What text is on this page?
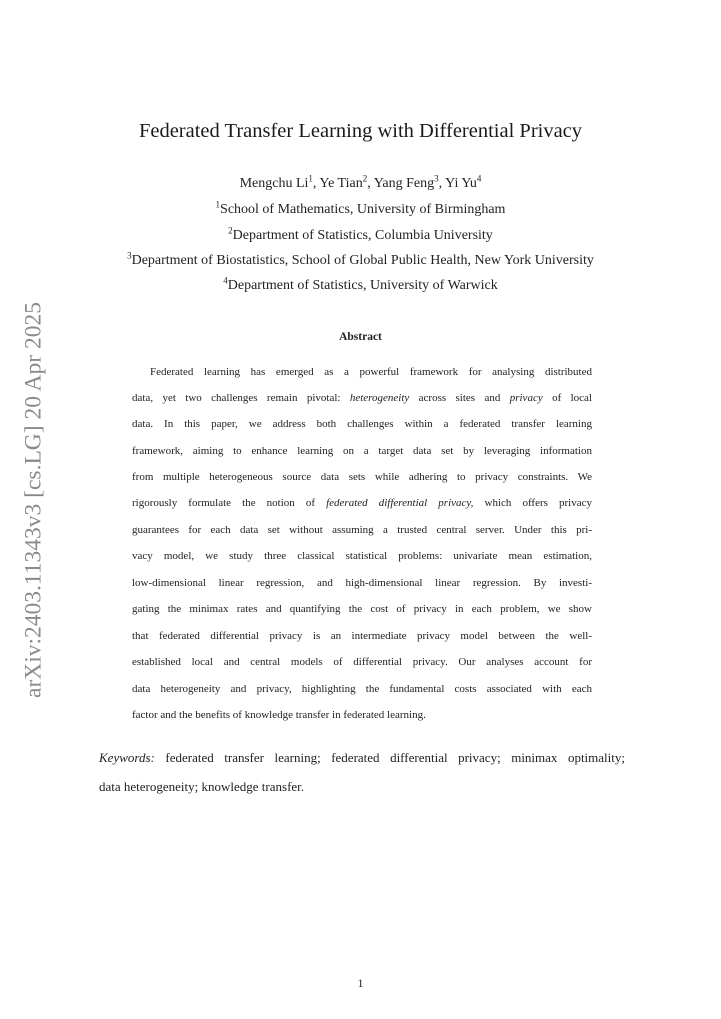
arXiv:2403.11343v3 [cs.LG] 20 Apr 2025
Federated Transfer Learning with Differential Privacy
Mengchu Li$^1$, Ye Tian$^2$, Yang Feng$^3$, Yi Yu$^4$
$^1$School of Mathematics, University of Birmingham
$^2$Department of Statistics, Columbia University
$^3$Department of Biostatistics, School of Global Public Health, New York University
$^4$Department of Statistics, University of Warwick
Abstract
Federated learning has emerged as a powerful framework for analysing distributed
data, yet two challenges remain pivotal: heterogeneity across sites and privacy of local
data. In this paper, we address both challenges within a federated transfer learning
framework, aiming to enhance learning on a target data set by leveraging information
from multiple heterogeneous source data sets while adhering to privacy constraints. We
rigorously formulate the notion of federated differential privacy, which offers privacy
guarantees for each data set without assuming a trusted central server. Under this pri-
vacy model, we study three classical statistical problems: univariate mean estimation,
low-dimensional linear regression, and high-dimensional linear regression. By investi-
gating the minimax rates and quantifying the cost of privacy in each problem, we show
that federated differential privacy is an intermediate privacy model between the well-
established local and central models of differential privacy. Our analyses account for
data heterogeneity and privacy, highlighting the fundamental costs associated with each
factor and the benefits of knowledge transfer in federated learning.
Keywords: federated transfer learning; federated differential privacy; minimax optimality;
data heterogeneity; knowledge transfer.
1
